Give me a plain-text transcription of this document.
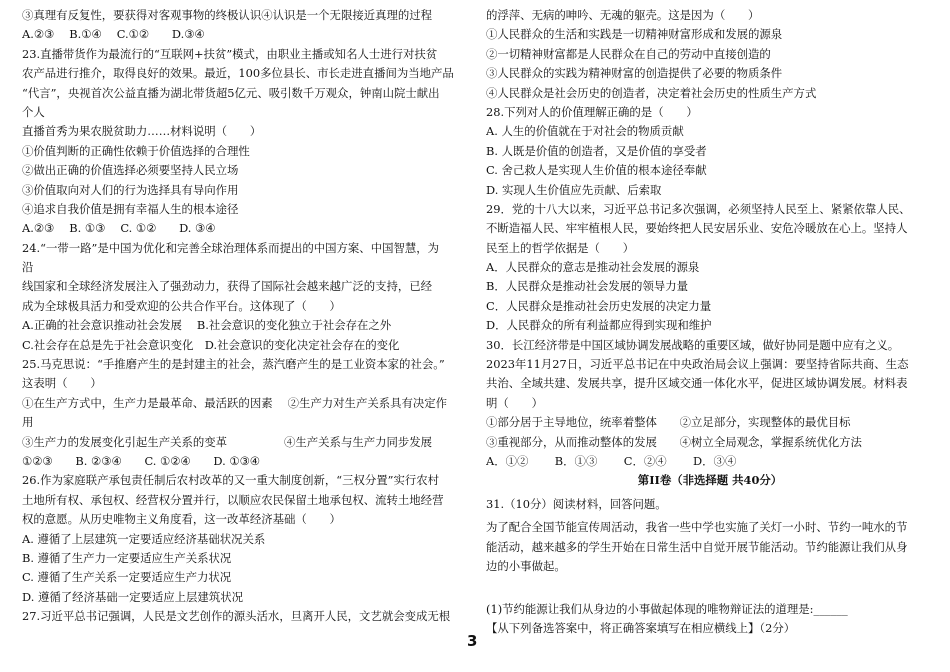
③真理有反复性，要获得对客观事物的终极认识④认识是一个无限接近真理的过程
A.②③　 B.①④　 C.①②　　D.③④
23.直播带货作为最流行的“互联网+扶贫”模式，由职业主播或知名人士进行对扶贫
农产品进行推介，取得良好的效果。最近，100多位县长、市长走进直播间为当地产品
“代言”，央视首次公益直播为湖北带货超5亿元、吸引数千万观众，钟南山院士献出
个人
直播首秀为果农脱贫助力……材料说明（　　）
①价值判断的正确性依赖于价值选择的合理性
②做出正确的价值选择必须要坚持人民立场
③价值取向对人们的行为选择具有导向作用
④追求自我价值是拥有幸福人生的根本途径
A.②③　 B. ①③　 C. ①②　　D. ③④
24.“一带一路”是中国为优化和完善全球治理体系而提出的中国方案、中国智慧，为
沿
线国家和全球经济发展注入了强劲动力，获得了国际社会越来越广泛的支持，已经
成为全球极具活力和受欢迎的公共合作平台。这体现了（　　）
A.正确的社会意识推动社会发展　 B.社会意识的变化独立于社会存在之外
C.社会存在总是先于社会意识变化　D.社会意识的变化决定社会存在的变化
25.马克思说：“手推磨产生的是封建主的社会，蒸汽磨产生的是工业资本家的社会。”
这表明（　　）
①在生产方式中，生产力是最革命、最活跃的因素　 ②生产力对生产关系具有决定作
用
③生产力的发展变化引起生产关系的变革　　　　　④生产关系与生产力同步发展
①②③　　B. ②③④　　C. ①②④　　D. ①③④
26.作为家庭联产承包责任制后农村改革的又一重大制度创新，“三权分置”实行农村
土地所有权、承包权、经营权分置并行，以顺应农民保留土地承包权、流转土地经营
权的意愿。从历史唯物主义角度看，这一改革经济基础（　　）
A. 遵循了上层建筑一定要适应经济基础状况关系
B. 遵循了生产力一定要适应生产关系状况
C. 遵循了生产关系一定要适应生产力状况
D. 遵循了经济基础一定要适应上层建筑状况
27.习近平总书记强调，人民是文艺创作的源头活水，旦离开人民，文艺就会变成无根
的浮萍、无病的呻吟、无魂的躯壳。这是因为（　　）
①人民群众的生活和实践是一切精神财富形成和发展的源泉
②一切精神财富都是人民群众在自己的劳动中直接创造的
③人民群众的实践为精神财富的创造提供了必要的物质条件
④人民群众是社会历史的创造者，决定着社会历史的性质生产方式
28.下列对人的价值理解正确的是（　　）
A. 人生的价值就在于对社会的物质贡献
B. 人既是价值的创造者，又是价值的享受者
C. 舍己救人是实现人生价值的根本途径奉献
D. 实现人生价值应先贡献、后索取
29．党的十八大以来，习近平总书记多次强调，必须坚持人民至上、紧紧依靠人民、
不断造福人民、牢牢植根人民，要始终把人民安居乐业、安危冷暖放在心上。坚持人
民至上的哲学依据是（　　）
A．人民群众的意志是推动社会发展的源泉
B．人民群众是推动社会发展的领导力量
C．人民群众是推动社会历史发展的决定力量
D．人民群众的所有利益都应得到实现和维护
30．长江经济带是中国区域协调发展战略的重要区域，做好协同是题中应有之义。
2023年11月27日，习近平总书记在中央政治局会议上强调：要坚持省际共商、生态
共治、全域共建、发展共享，提升区域交通一体化水平，促进区域协调发展。材料表
明（　　）
①部分居于主导地位，统率着整体　　②立足部分，实现整体的最优目标
③重视部分，从而推动整体的发展　　④树立全局观念，掌握系统优化方法
A．①②　　 B．①③　　 C．②④　　 D．③④
第II卷（非选择题 共40分）
31.（10分）阅读材料，回答问题。
为了配合全国节能宣传周活动，我省一些中学也实施了关灯一小时、节约一吨水的节
能活动，越来越多的学生开始在日常生活中自觉开展节能活动。节约能源让我们从身
边的小事做起。
(1)节约能源让我们从身边的小事做起体现的唯物辩证法的道理是:______
【从下列备选答案中，将正确答案填写在相应横线上】（2分）
3
